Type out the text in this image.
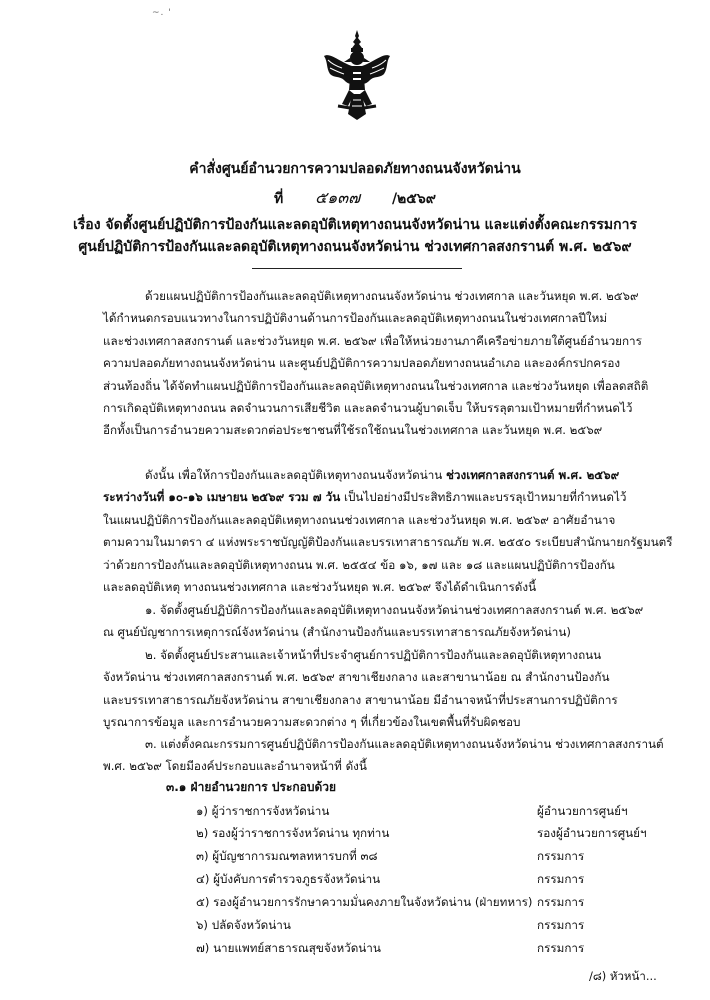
~. '
คำสั่งศูนย์อำนวยการความปลอดภัยทางถนนจังหวัดน่าน
ที่ ๕๑๓๗ /๒๕๖๙
เรื่อง จัดตั้งศูนย์ปฏิบัติการป้องกันและลดอุบัติเหตุทางถนนจังหวัดน่าน และแต่งตั้งคณะกรรมการ
ศูนย์ปฏิบัติการป้องกันและลดอุบัติเหตุทางถนนจังหวัดน่าน ช่วงเทศกาลสงกรานต์ พ.ศ. ๒๕๖๙
ด้วยแผนปฏิบัติการป้องกันและลดอุบัติเหตุทางถนนจังหวัดน่าน ช่วงเทศกาล และวันหยุด พ.ศ. ๒๕๖๙
ได้กำหนดกรอบแนวทางในการปฏิบัติงานด้านการป้องกันและลดอุบัติเหตุทางถนนในช่วงเทศกาลปีใหม่
และช่วงเทศกาลสงกรานต์ และช่วงวันหยุด พ.ศ. ๒๕๖๙ เพื่อให้หน่วยงานภาคีเครือข่ายภายใต้ศูนย์อำนวยการ
ความปลอดภัยทางถนนจังหวัดน่าน และศูนย์ปฏิบัติการความปลอดภัยทางถนนอำเภอ และองค์กรปกครอง
ส่วนท้องถิ่น ได้จัดทำแผนปฏิบัติการป้องกันและลดอุบัติเหตุทางถนนในช่วงเทศกาล และช่วงวันหยุด เพื่อลดสถิติ
การเกิดอุบัติเหตุทางถนน ลดจำนวนการเสียชีวิต และลดจำนวนผู้บาดเจ็บ ให้บรรลุตามเป้าหมายที่กำหนดไว้
อีกทั้งเป็นการอำนวยความสะดวกต่อประชาชนที่ใช้รถใช้ถนนในช่วงเทศกาล และวันหยุด พ.ศ. ๒๕๖๙
ดังนั้น เพื่อให้การป้องกันและลดอุบัติเหตุทางถนนจังหวัดน่าน ช่วงเทศกาลสงกรานต์ พ.ศ. ๒๕๖๙
ระหว่างวันที่ ๑๐-๑๖ เมษายน ๒๕๖๙ รวม ๗ วัน เป็นไปอย่างมีประสิทธิภาพและบรรลุเป้าหมายที่กำหนดไว้
ในแผนปฏิบัติการป้องกันและลดอุบัติเหตุทางถนนช่วงเทศกาล และช่วงวันหยุด พ.ศ. ๒๕๖๙ อาศัยอำนาจ
ตามความในมาตรา ๔ แห่งพระราชบัญญัติป้องกันและบรรเทาสาธารณภัย พ.ศ. ๒๕๕๐ ระเบียบสำนักนายกรัฐมนตรี
ว่าด้วยการป้องกันและลดอุบัติเหตุทางถนน พ.ศ. ๒๕๕๔ ข้อ ๑๖, ๑๗ และ ๑๘ และแผนปฏิบัติการป้องกัน
และลดอุบัติเหตุ ทางถนนช่วงเทศกาล และช่วงวันหยุด พ.ศ. ๒๕๖๙ จึงได้ดำเนินการดังนี้
๑. จัดตั้งศูนย์ปฏิบัติการป้องกันและลดอุบัติเหตุทางถนนจังหวัดน่านช่วงเทศกาลสงกรานต์ พ.ศ. ๒๕๖๙
ณ ศูนย์บัญชาการเหตุการณ์จังหวัดน่าน (สำนักงานป้องกันและบรรเทาสาธารณภัยจังหวัดน่าน)
๒. จัดตั้งศูนย์ประสานและเจ้าหน้าที่ประจำศูนย์การปฏิบัติการป้องกันและลดอุบัติเหตุทางถนน
จังหวัดน่าน ช่วงเทศกาลสงกรานต์ พ.ศ. ๒๕๖๙ สาขาเชียงกลาง และสาขานาน้อย ณ สำนักงานป้องกัน
และบรรเทาสาธารณภัยจังหวัดน่าน สาขาเชียงกลาง สาขานาน้อย มีอำนาจหน้าที่ประสานการปฏิบัติการ
บูรณาการข้อมูล และการอำนวยความสะดวกต่าง ๆ ที่เกี่ยวข้องในเขตพื้นที่รับผิดชอบ
๓. แต่งตั้งคณะกรรมการศูนย์ปฏิบัติการป้องกันและลดอุบัติเหตุทางถนนจังหวัดน่าน ช่วงเทศกาลสงกรานต์
พ.ศ. ๒๕๖๙ โดยมีองค์ประกอบและอำนาจหน้าที่ ดังนี้
๓.๑ ฝ่ายอำนวยการ ประกอบด้วย
๑) ผู้ว่าราชการจังหวัดน่าน	ผู้อำนวยการศูนย์ฯ
๒) รองผู้ว่าราชการจังหวัดน่าน ทุกท่าน	รองผู้อำนวยการศูนย์ฯ
๓) ผู้บัญชาการมณฑลทหารบกที่ ๓๘	กรรมการ
๔) ผู้บังคับการตำรวจภูธรจังหวัดน่าน	กรรมการ
๕) รองผู้อำนวยการรักษาความมั่นคงภายในจังหวัดน่าน (ฝ่ายทหาร) กรรมการ
๖) ปลัดจังหวัดน่าน	กรรมการ
๗) นายแพทย์สาธารณสุขจังหวัดน่าน	กรรมการ
/๘) หัวหน้า...
